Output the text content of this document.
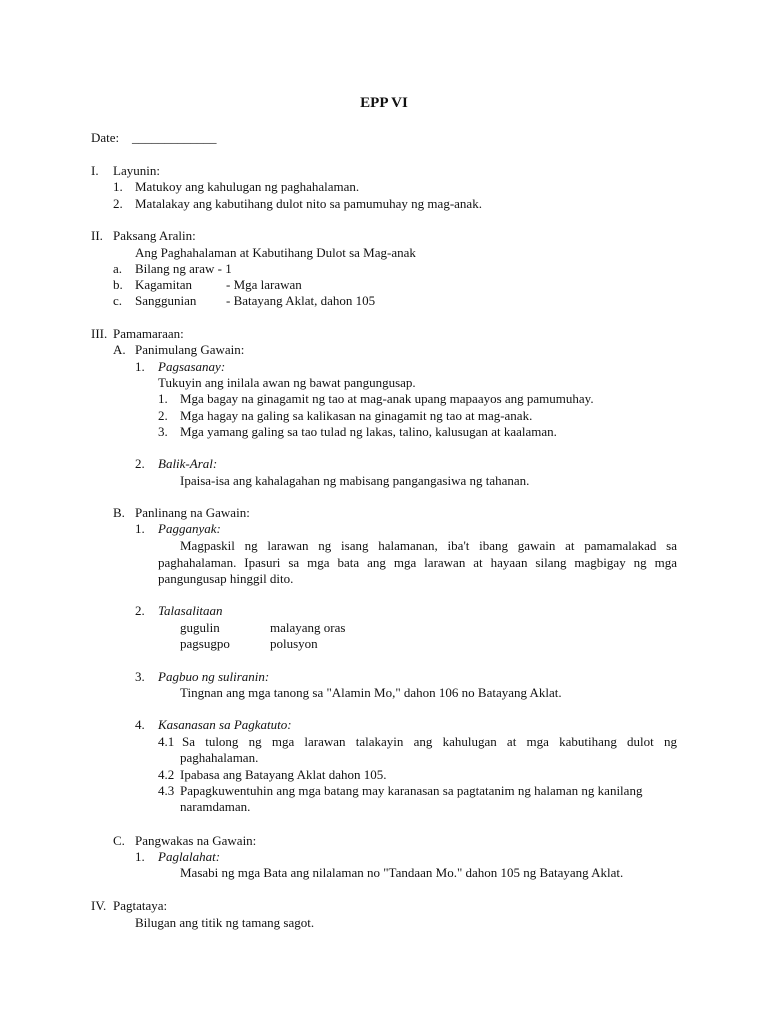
EPP VI
Date: _____________
I. Layunin:
1. Matukoy ang kahulugan ng paghahalaman.
2. Matalakay ang kabutihang dulot nito sa pamumuhay ng mag-anak.
II. Paksang Aralin:
Ang Paghahalaman at Kabutihang Dulot sa Mag-anak
a. Bilang ng araw - 1
b. Kagamitan	- Mga larawan
c. Sanggunian - Batayang Aklat, dahon 105
III. Pamamaraan:
A. Panimulang Gawain:
1. Pagsasanay:
Tukuyin ang inilala awan ng bawat pangungusap.
1. Mga bagay na ginagamit ng tao at mag-anak upang mapaayos ang pamumuhay.
2. Mga hagay na galing sa kalikasan na ginagamit ng tao at mag-anak.
3. Mga yamang galing sa tao tulad ng lakas, talino, kalusugan at kaalaman.
2. Balik-Aral:
Ipaisa-isa ang kahalagahan ng mabisang pangangasiwa ng tahanan.
B. Panlinang na Gawain:
1. Pagganyak:
Magpaskil ng larawan ng isang halamanan, iba't ibang gawain at pamamalakad sa
paghahalaman. Ipasuri sa mga bata ang mga larawan at hayaan silang magbigay ng mga
pangungusap hinggil dito.
2. Talasalitaan
gugulin	malayang oras
pagsugpo	polusyon
3. Pagbuo ng suliranin:
Tingnan ang mga tanong sa "Alamin Mo," dahon 106 no Batayang Aklat.
4. Kasanasan sa Pagkatuto:
4.1 Sa tulong ng mga larawan talakayin ang kahulugan at mga kabutihang dulot ng
paghahalaman.
4.2 Ipabasa ang Batayang Aklat dahon 105.
4.3 Papagkuwentuhin ang mga batang may karanasan sa pagtatanim ng halaman ng kanilang
naramdaman.
C. Pangwakas na Gawain:
1. Paglalahat:
Masabi ng mga Bata ang nilalaman no "Tandaan Mo." dahon 105 ng Batayang Aklat.
IV. Pagtataya:
Bilugan ang titik ng tamang sagot.
